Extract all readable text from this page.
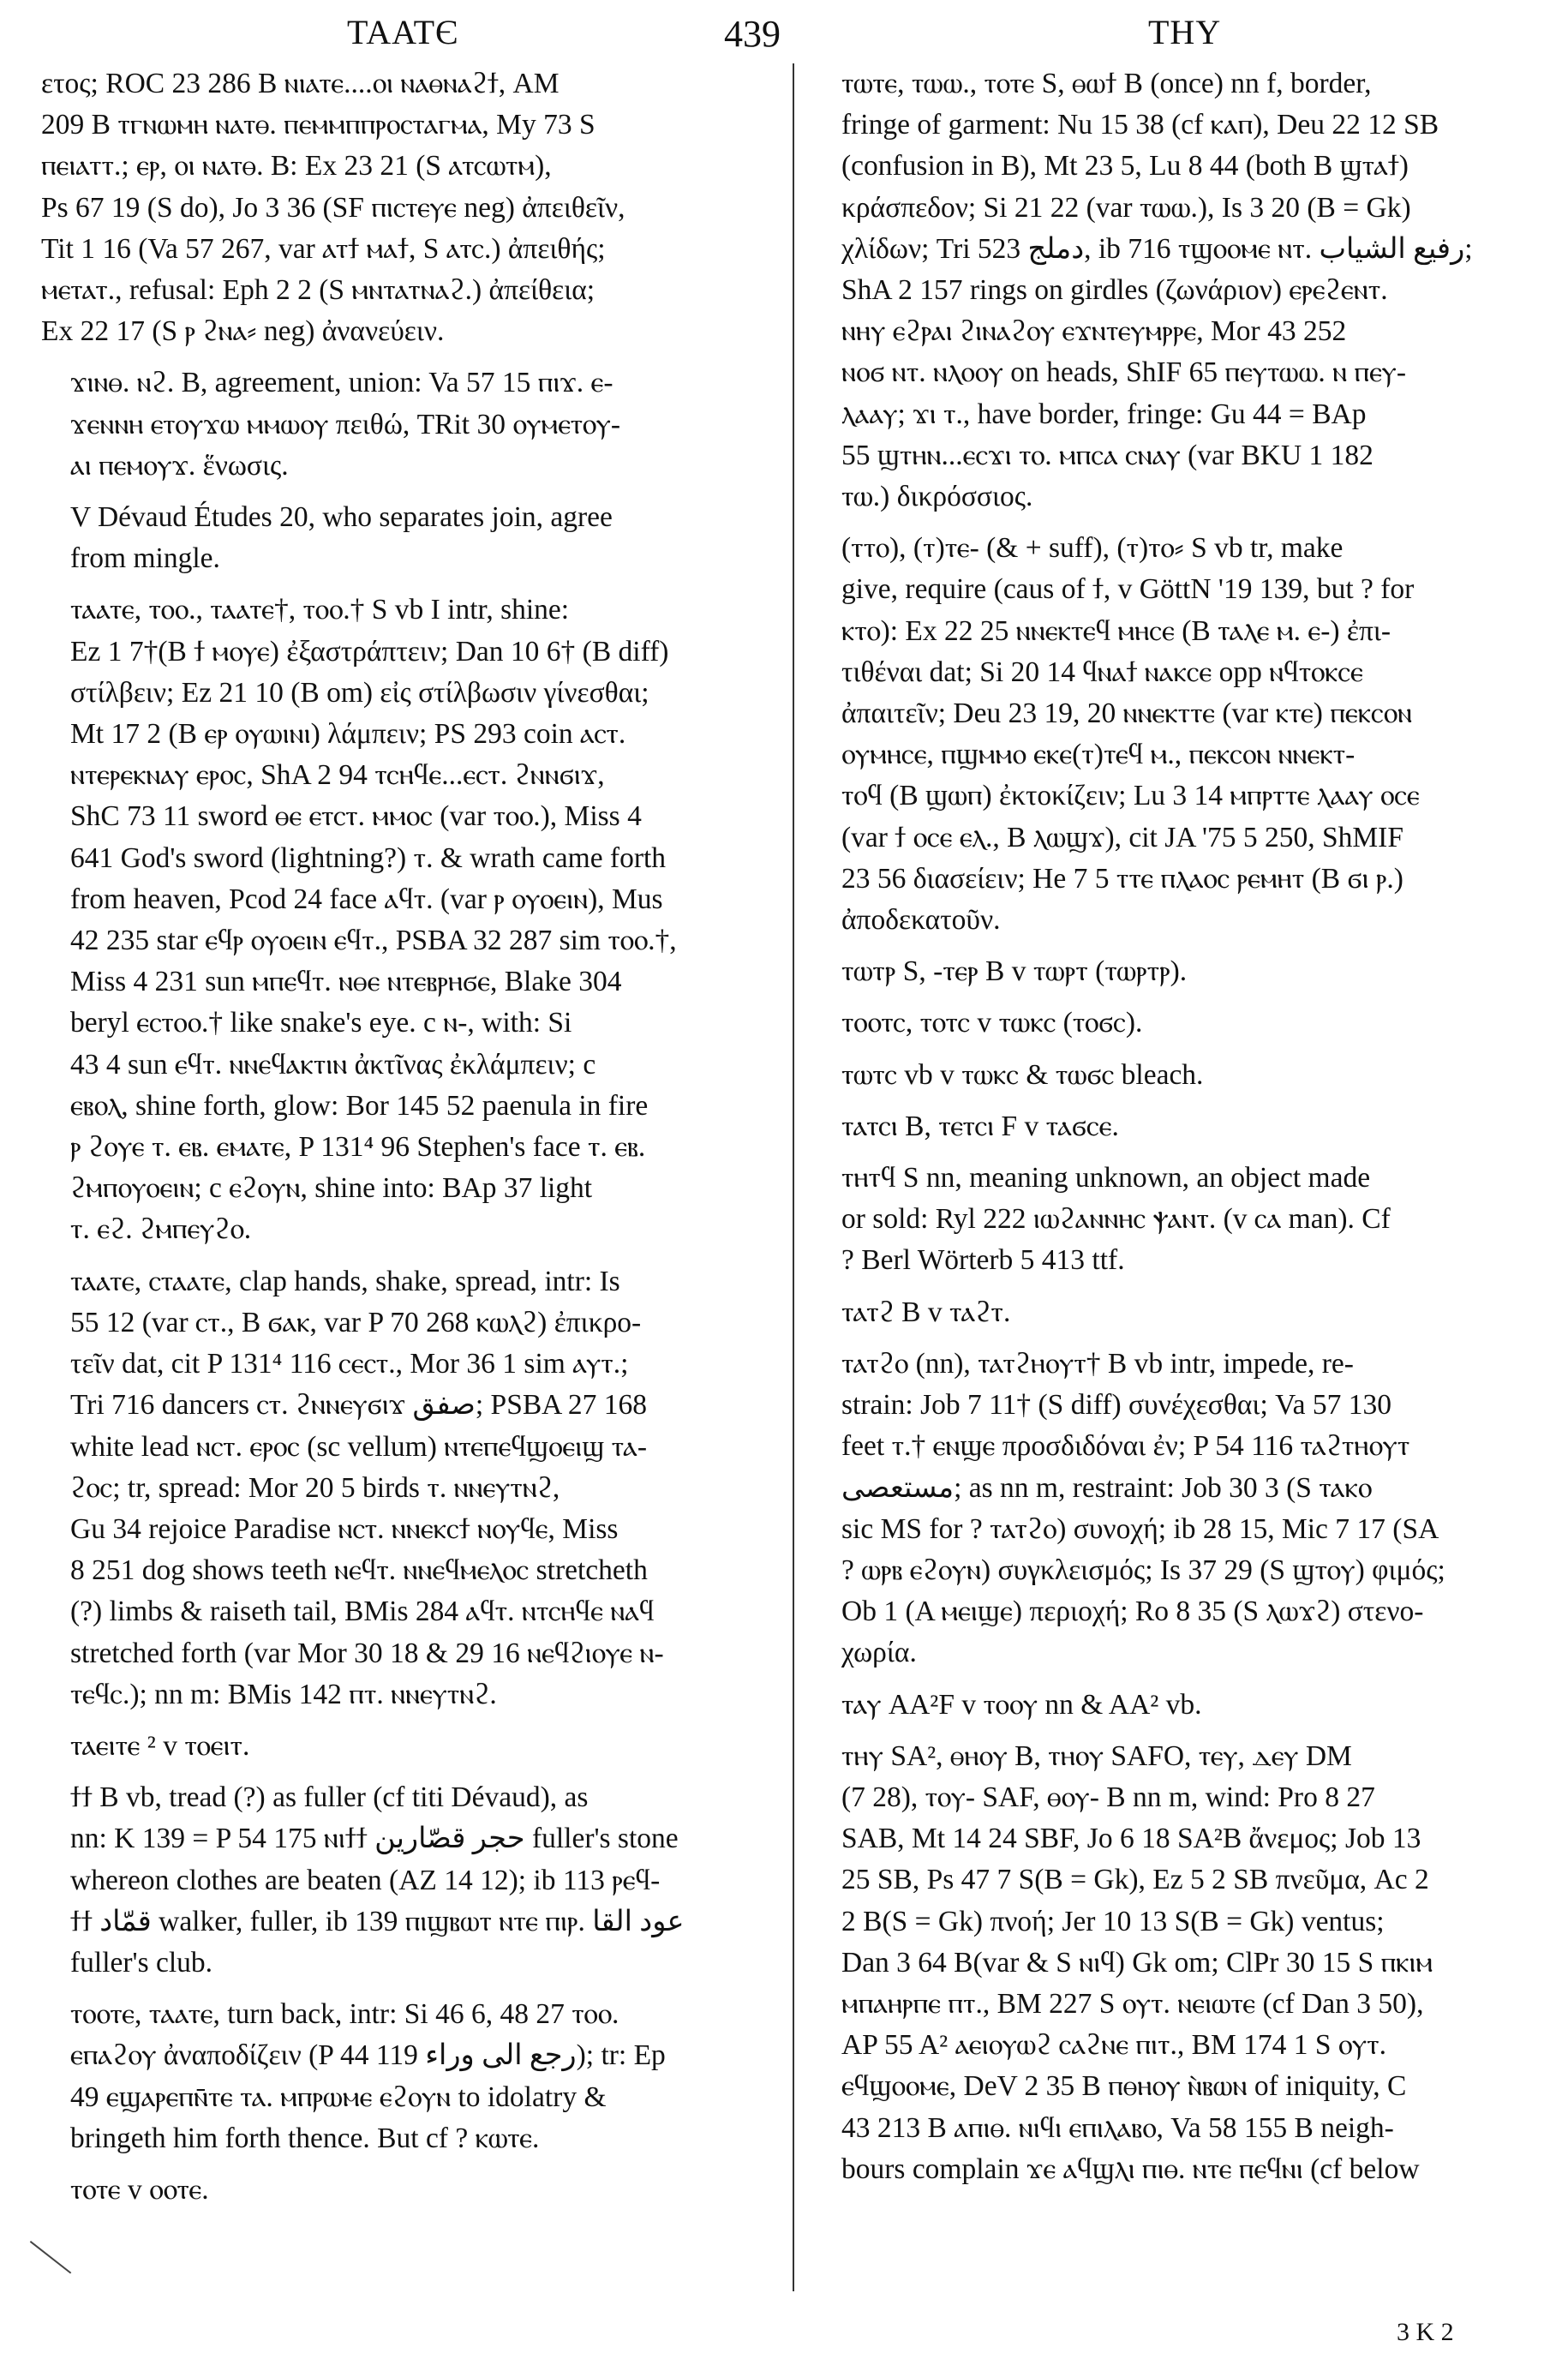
ΤΑΑΤЄ	439	ΤΗΥ
ετος; ROC 23 286 B ⲛⲓⲁⲧⲉ....ⲟⲓ ⲛⲁⲑⲛⲁϩϯ, AM
209 B ⲧⲅⲛⲱⲙⲏ ⲛⲁⲧⲑ. ⲡⲉⲙⲙⲡⲡⲣⲟⲥⲧⲁⲅⲙⲁ, My 73 S
ⲡⲉⲓⲁⲧⲧ.; ⲉⲣ, ⲟⲓ ⲛⲁⲧⲑ. B: Ex 23 21 (S ⲁⲧⲥⲱⲧⲙ),
Ps 67 19 (S do), Jo 3 36 (SF ⲡⲓⲥⲧⲉⲩⲉ neg) ἀπειθεῖν,
Tit 1 16 (Va 57 267, var ⲁⲧϯ ⲙⲁϯ, S ⲁⲧⲥ.) ἀπειθής;
ⲙⲉⲧⲁⲧ., refusal: Eph 2 2 (S ⲙⲛⲧⲁⲧⲛⲁϩ.) ἀπείθεια;
Ex 22 17 (S ⲣ ϩⲛⲁ⸗ neg) ἀνανεύειν.
ϫⲓⲛⲑ. ⲛϩ. B, agreement, union: Va 57 15 ⲡⲓϫ. ⲉ-
ϫⲉⲛⲛⲏ ⲉⲧⲟⲩϫⲱ ⲙⲙⲱⲟⲩ πειθώ, TRit 30 ⲟⲩⲙⲉⲧⲟⲩ-
ⲁⲓ ⲡⲉⲙⲟⲩϫ. ἕνωσις.
V Dévaud Études 20, who separates join, agree
from mingle.
ⲧⲁⲁⲧⲉ, ⲧⲟⲟ., ⲧⲁⲁⲧⲉ†, ⲧⲟⲟ.† S vb I intr, shine:
Ez 1 7†(B ϯ ⲙⲟⲩⲉ) ἐξαστράπτειν; Dan 10 6† (B diff)
στίλβειν; Ez 21 10 (B om) εἰς στίλβωσιν γίνεσθαι;
Mt 17 2 (B ⲉⲣ ⲟⲩⲱⲓⲛⲓ) λάμπειν; PS 293 coin ⲁⲥⲧ.
ⲛⲧⲉⲣⲉⲕⲛⲁⲩ ⲉⲣⲟⲥ, ShA 2 94 ⲧⲥⲏϥⲉ...ⲉⲥⲧ. ϩⲛⲛϭⲓϫ,
ShC 73 11 sword ⲑⲉ ⲉⲧⲥⲧ. ⲙⲙⲟⲥ (var ⲧⲟⲟ.), Miss 4
641 God's sword (lightning?) ⲧ. & wrath came forth
from heaven, Pcod 24 face ⲁϥⲧ. (var ⲣ ⲟⲩⲟⲉⲓⲛ), Mus
42 235 star ⲉϥⲣ ⲟⲩⲟⲉⲓⲛ ⲉϥⲧ., PSBA 32 287 sim ⲧⲟⲟ.†,
Miss 4 231 sun ⲙⲡⲉϥⲧ. ⲛⲑⲉ ⲛⲧⲉⲃⲣⲏϭⲉ, Blake 304
beryl ⲉⲥⲧⲟⲟ.† like snake's eye. c ⲛ-, with: Si
43 4 sun ⲉϥⲧ. ⲛⲛⲉϥⲁⲕⲧⲓⲛ ἀκτῖνας ἐκλάμπειν; c
ⲉⲃⲟⲗ, shine forth, glow: Bor 145 52 paenula in fire
ⲣ ϩⲟⲩⲉ ⲧ. ⲉⲃ. ⲉⲙⲁⲧⲉ, P 131⁴ 96 Stephen's face ⲧ. ⲉⲃ.
ϩⲙⲡⲟⲩⲟⲉⲓⲛ; c ⲉϩⲟⲩⲛ, shine into: BAp 37 light
ⲧ. ⲉϩ. ϩⲙⲡⲉⲩϩⲟ.
ⲧⲁⲁⲧⲉ, ⲥⲧⲁⲁⲧⲉ, clap hands, shake, spread, intr: Is
55 12 (var ⲥⲧ., B ϭⲁⲕ, var P 70 268 ⲕⲱⲗϩ) ἐπικρο-
τεῖν dat, cit P 131⁴ 116 ⲥⲉⲥⲧ., Mor 36 1 sim ⲁⲩⲧ.;
Tri 716 dancers ⲥⲧ. ϩⲛⲛⲉⲩϭⲓϫ صفق; PSBA 27 168
white lead ⲛⲥⲧ. ⲉⲣⲟⲥ (sc vellum) ⲛⲧⲉⲡⲉϥϣⲟⲉⲓϣ ⲧⲁ-
ϩⲟⲥ; tr, spread: Mor 20 5 birds ⲧ. ⲛⲛⲉⲩⲧⲛϩ,
Gu 34 rejoice Paradise ⲛⲥⲧ. ⲛⲛⲉⲕⲥϯ ⲛⲟⲩϥⲉ, Miss
8 251 dog shows teeth ⲛⲉϥⲧ. ⲛⲛⲉϥⲙⲉⲗⲟⲥ stretcheth
(?) limbs & raiseth tail, BMis 284 ⲁϥⲧ. ⲛⲧⲥⲏϥⲉ ⲛⲁϥ
stretched forth (var Mor 30 18 & 29 16 ⲛⲉϥϩⲓⲟⲩⲉ ⲛ-
ⲧⲉϥⲥ.); nn m: BMis 142 ⲡⲧ. ⲛⲛⲉⲩⲧⲛϩ.
ⲧⲁⲉⲓⲧⲉ ² v ⲧⲟⲉⲓⲧ.
ϯϯ B vb, tread (?) as fuller (cf titi Dévaud), as
nn: K 139 = P 54 175 ⲛⲓϯϯ حجر قصّارين fuller's stone
whereon clothes are beaten (AZ 14 12); ib 113 ⲣⲉϥ-
ϯϯ قمّاد walker, fuller, ib 139 ⲡⲓϣⲃⲱⲧ ⲛⲧⲉ ⲡⲓⲣ. عود القا
fuller's club.
ⲧⲟⲟⲧⲉ, ⲧⲁⲁⲧⲉ, turn back, intr: Si 46 6, 48 27 ⲧⲟⲟ.
ⲉⲡⲁϩⲟⲩ ἀναποδίζειν (P 44 119 رجع الى وراء); tr: Ep
49 ⲉϣⲁⲣⲉⲡⲛ̄ⲧⲉ ⲧⲁ. ⲙⲡⲣⲱⲙⲉ ⲉϩⲟⲩⲛ to idolatry &
bringeth him forth thence. But cf ? ⲕⲱⲧⲉ.
ⲧⲟⲧⲉ v ⲟⲟⲧⲉ.
ⲧⲱⲧⲉ, ⲧⲱⲱ., ⲧⲟⲧⲉ S, ⲑⲱϯ B (once) nn f, border,
fringe of garment: Nu 15 38 (cf ⲕⲁⲡ), Deu 22 12 SB
(confusion in B), Mt 23 5, Lu 8 44 (both B ϣⲧⲁϯ)
κράσπεδον; Si 21 22 (var ⲧⲱⲱ.), Is 3 20 (B = Gk)
χλίδων; Tri 523 دملج, ib 716 ⲧϣⲟⲟⲙⲉ ⲛⲧ. رفيع الشياب;
ShA 2 157 rings on girdles (ζωνάριον) ⲉⲣⲉϩⲉⲛⲧ.
ⲛⲏⲩ ⲉϩⲣⲁⲓ ϩⲓⲛⲁϩⲟⲩ ⲉϫⲛⲧⲉⲩⲙⲣⲣⲉ, Mor 43 252
ⲛⲟϭ ⲛⲧ. ⲛⲗⲟⲟⲩ on heads, ShIF 65 ⲡⲉⲩⲧⲱⲱ. ⲛ ⲡⲉⲩ-
ⲗⲁⲁⲩ; ϫⲓ ⲧ., have border, fringe: Gu 44 = BAp
55 ϣⲧⲏⲛ...ⲉⲥϫⲓ ⲧⲟ. ⲙⲡⲥⲁ ⲥⲛⲁⲩ (var BKU 1 182
ⲧⲱ.) δικρόσσιος.
(ⲧⲧⲟ), (ⲧ)ⲧⲉ- (& + suff), (ⲧ)ⲧⲟ⸗ S vb tr, make
give, require (caus of ϯ, v GöttN '19 139, but ? for
ⲕⲧⲟ): Ex 22 25 ⲛⲛⲉⲕⲧⲉϥ ⲙⲏⲥⲉ (B ⲧⲁⲗⲉ ⲙ. ⲉ-) ἐπι-
τιθέναι dat; Si 20 14 ϥⲛⲁϯ ⲛⲁⲕⲥⲉ opp ⲛϥⲧⲟⲕⲥⲉ
ἀπαιτεῖν; Deu 23 19, 20 ⲛⲛⲉⲕⲧⲧⲉ (var ⲕⲧⲉ) ⲡⲉⲕⲥⲟⲛ
ⲟⲩⲙⲏⲥⲉ, ⲡϣⲙⲙⲟ ⲉⲕⲉ(ⲧ)ⲧⲉϥ ⲙ., ⲡⲉⲕⲥⲟⲛ ⲛⲛⲉⲕⲧ-
ⲧⲟϥ (B ϣⲱⲡ) ἐκτοκίζειν; Lu 3 14 ⲙⲡⲣⲧⲧⲉ ⲗⲁⲁⲩ ⲟⲥⲉ
(var ϯ ⲟⲥⲉ ⲉⲗ., B ⲗⲱϣϫ), cit JA '75 5 250, ShMIF
23 56 διασείειν; He 7 5 ⲧⲧⲉ ⲡⲗⲁⲟⲥ ⲣⲉⲙⲏⲧ (B ϭⲓ ⲣ.)
ἀποδεκατοῦν.
ⲧⲱⲧⲣ S, -ⲧⲉⲣ B v ⲧⲱⲣⲧ (ⲧⲱⲣⲧⲣ).
ⲧⲟⲟⲧⲥ, ⲧⲟⲧⲥ v ⲧⲱⲕⲥ (ⲧⲟϭⲥ).
ⲧⲱⲧⲥ vb v ⲧⲱⲕⲥ & ⲧⲱϭⲥ bleach.
ⲧⲁⲧⲥⲓ B, ⲧⲉⲧⲥⲓ F v ⲧⲁϭⲥⲉ.
ⲧⲏⲧϥ S nn, meaning unknown, an object made
or sold: Ryl 222 ⲓⲱϩⲁⲛⲛⲏⲥ ⲯⲁⲛⲧ. (v ⲥⲁ man). Cf
? Berl Wörterb 5 413 ttf.
ⲧⲁⲧϩ B v ⲧⲁϩⲧ.
ⲧⲁⲧϩⲟ (nn), ⲧⲁⲧϩⲏⲟⲩⲧ† B vb intr, impede, re-
strain: Job 7 11† (S diff) συνέχεσθαι; Va 57 130
feet ⲧ.† ⲉⲛϣⲉ προσδιδόναι ἐν; P 54 116 ⲧⲁϩⲧⲏⲟⲩⲧ
مستعصى; as nn m, restraint: Job 30 3 (S ⲧⲁⲕⲟ
sic MS for ? ⲧⲁⲧϩⲟ) συνοχή; ib 28 15, Mic 7 17 (SA
? ⲱⲣⲃ ⲉϩⲟⲩⲛ) συγκλεισμός; Is 37 29 (S ϣⲧⲟⲩ) φιμός;
Ob 1 (A ⲙⲉⲓϣⲉ) περιοχή; Ro 8 35 (S ⲗⲱϫϩ) στενο-
χωρία.
ⲧⲁⲩ AA²F v ⲧⲟⲟⲩ nn & AA² vb.
ⲧⲏⲩ SA², ⲑⲏⲟⲩ B, ⲧⲏⲟⲩ SAFO, ⲧⲉⲩ, ⲇⲉⲩ DM
(7 28), ⲧⲟⲩ- SAF, ⲑⲟⲩ- B nn m, wind: Pro 8 27
SAB, Mt 14 24 SBF, Jo 6 18 SA²B ἄνεμος; Job 13
25 SB, Ps 47 7 S(B = Gk), Ez 5 2 SB πνεῦμα, Ac 2
2 B(S = Gk) πνοή; Jer 10 13 S(B = Gk) ventus;
Dan 3 64 B(var & S ⲛⲓϥ) Gk om; ClPr 30 15 S ⲡⲕⲓⲙ
ⲙⲡⲁⲏⲣⲡⲉ ⲡⲧ., BM 227 S ⲟⲩⲧ. ⲛⲉⲓⲱⲧⲉ (cf Dan 3 50),
AP 55 A² ⲁⲉⲓⲟⲩⲱϩ ⲥⲁϩⲛⲉ ⲡⲓⲧ., BM 174 1 S ⲟⲩⲧ.
ⲉϥϣⲟⲟⲙⲉ, DeV 2 35 B ⲡⲑⲏⲟⲩ ⲛ̀ⲃⲱⲛ of iniquity, C
43 213 B ⲁⲡⲓⲑ. ⲛⲓϥⲓ ⲉⲡⲓⲗⲁⲃⲟ, Va 58 155 B neigh-
bours complain ϫⲉ ⲁϥϣⲗⲓ ⲡⲓⲑ. ⲛⲧⲉ ⲡⲉϥⲛⲓ (cf below
3 K 2
